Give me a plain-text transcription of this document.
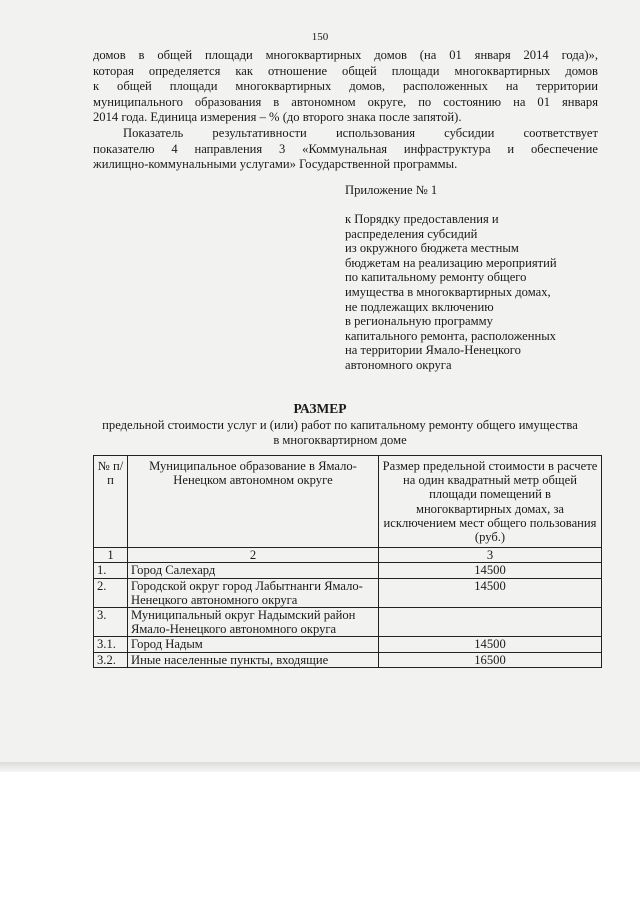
150
домов в общей площади многоквартирных домов (на 01 января 2014 года)»,
которая определяется как отношение общей площади многоквартирных домов
к общей площади многоквартирных домов, расположенных на территории
муниципального образования в автономном округе, по состоянию на 01 января
2014 года. Единица измерения – % (до второго знака после запятой).
Показатель результативности использования субсидии соответствует
показателю 4 направления 3 «Коммунальная инфраструктура и обеспечение
жилищно-коммунальными услугами» Государственной программы.
Приложение № 1
к Порядку предоставления и
распределения субсидий
из окружного бюджета местным
бюджетам на реализацию мероприятий
по капитальному ремонту общего
имущества в многоквартирных домах,
не подлежащих включению
в региональную программу
капитального ремонта, расположенных
на территории Ямало-Ненецкого
автономного округа
РАЗМЕР
предельной стоимости услуг и (или) работ по капитальному ремонту общего имущества в многоквартирном доме
№ п/п	Муниципальное образование в Ямало-Ненецком автономном округе	Размер предельной стоимости в расчете на один квадратный метр общей площади помещений в многоквартирных домах, за исключением мест общего пользования (руб.)
1	2	3
1.	Город Салехард	14500
2.	Городской округ город Лабытнанги Ямало-Ненецкого автономного округа	14500
3.	Муниципальный округ Надымский район Ямало-Ненецкого автономного округа	
3.1.	Город Надым	14500
3.2.	Иные населенные пункты, входящие	16500
